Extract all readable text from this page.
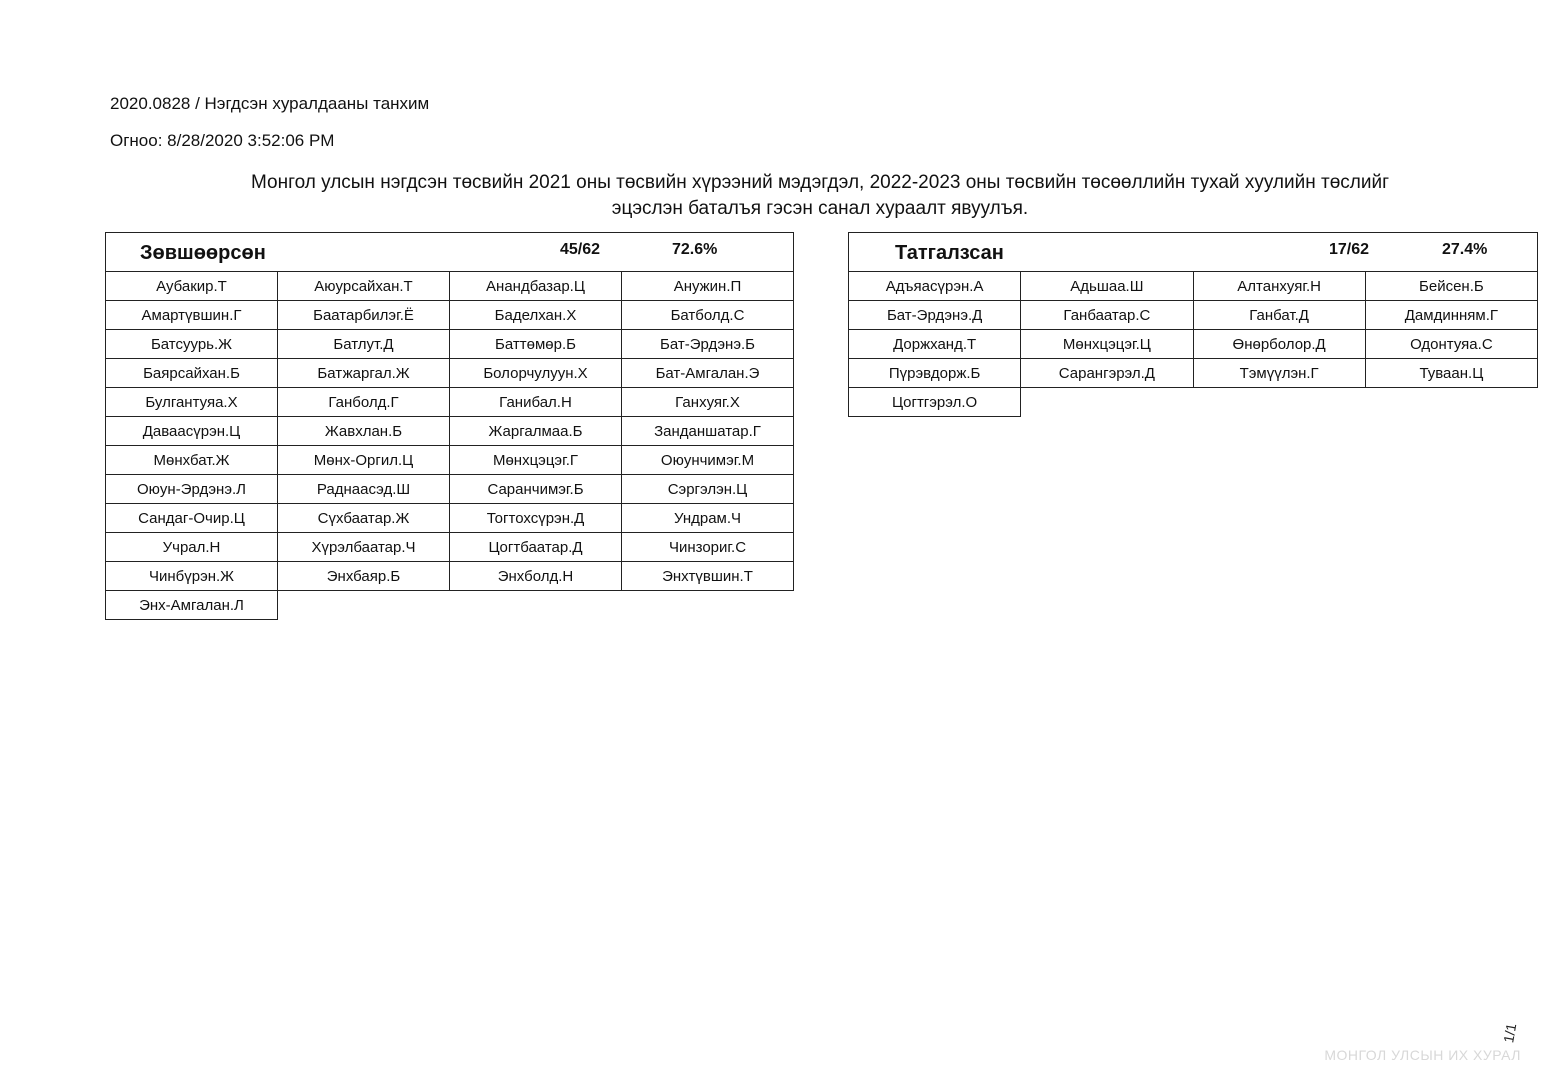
2020.0828 / Нэгдсэн хуралдааны танхим
Огноо: 8/28/2020 3:52:06 PM
Монгол улсын нэгдсэн төсвийн 2021 оны төсвийн хүрээний мэдэгдэл, 2022-2023 оны төсвийн төсөөллийн тухай хуулийн төслийг
эцэслэн баталъя гэсэн санал хураалт явуулъя.
Зөвшөөрсөн 45/62 72.6%			

Аубакир.Т	Аюурсайхан.Т	Анандбазар.Ц	Анужин.П
Амартүвшин.Г	Баатарбилэг.Ё	Баделхан.Х	Батболд.С
Батсуурь.Ж	Батлут.Д	Баттөмөр.Б	Бат-Эрдэнэ.Б
Баярсайхан.Б	Батжаргал.Ж	Болорчулуун.Х	Бат-Амгалан.Э
Булгантуяа.Х	Ганболд.Г	Ганибал.Н	Ганхуяг.Х
Даваасүрэн.Ц	Жавхлан.Б	Жаргалмаа.Б	Занданшатар.Г
Мөнхбат.Ж	Мөнх-Оргил.Ц	Мөнхцэцэг.Г	Оюунчимэг.М
Оюун-Эрдэнэ.Л	Раднаасэд.Ш	Саранчимэг.Б	Сэргэлэн.Ц
Сандаг-Очир.Ц	Сүхбаатар.Ж	Тогтохсүрэн.Д	Ундрам.Ч
Учрал.Н	Хүрэлбаатар.Ч	Цогтбаатар.Д	Чинзориг.С
Чинбүрэн.Ж	Энхбаяр.Б	Энхболд.Н	Энхтүвшин.Т
Энх-Амгалан.Л			
Татгалзсан 17/62 27.4%			

Адъяасүрэн.А	Адьшаа.Ш	Алтанхуяг.Н	Бейсен.Б
Бат-Эрдэнэ.Д	Ганбаатар.С	Ганбат.Д	Дамдинням.Г
Доржханд.Т	Мөнхцэцэг.Ц	Өнөрболор.Д	Одонтуяа.С
Пүрэвдорж.Б	Сарангэрэл.Д	Тэмүүлэн.Г	Туваан.Ц
Цогтгэрэл.О			
МОНГОЛ УЛСЫН ИХ ХУРАЛ
1/1
